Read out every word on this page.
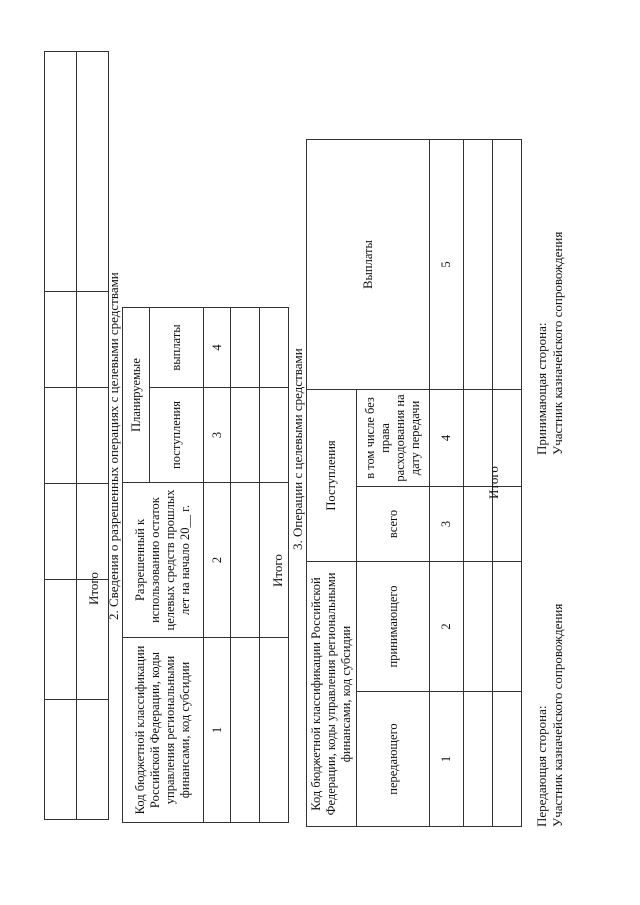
Итого 2. Сведения о разрешенных операциях с целевыми средствами
Код бюджетной классификации Российской Федерации, коды управления региональными финансами, код субсидии	Разрешенный к использованию остаток целевых средств прошлых лет на начало 20__ г.	Планируемые	
		поступления	выплаты
1	2	3	4

Итого
3. Операции с целевыми средствами
Код бюджетной классификации Российской Федерации, коды управления региональными финансами, код субсидии		Поступления		Выплаты
передающего	принимающего	всего	в том числе без права расходования на дату передачи	
1	2	3	4	5

Итого
Передающая сторона: Участник казначейского сопровождения
Принимающая сторона: Участник казначейского сопровождения
